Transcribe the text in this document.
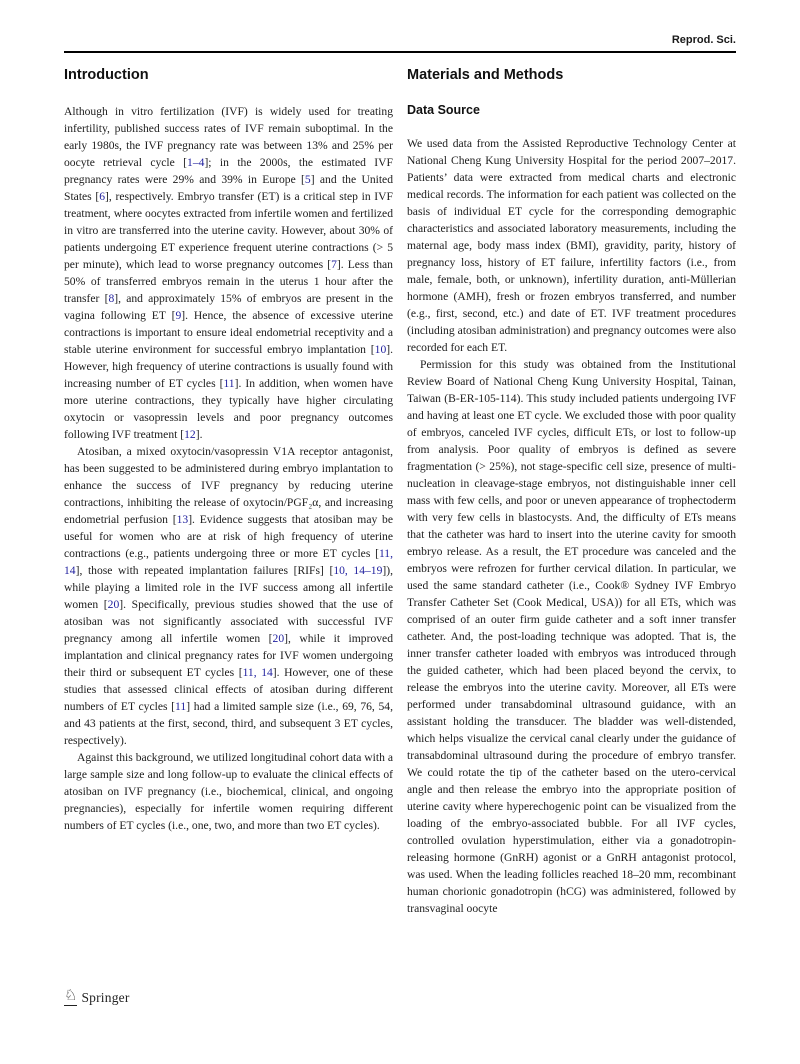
Reprod. Sci.
Introduction

Although in vitro fertilization (IVF) is widely used for treating infertility, published success rates of IVF remain suboptimal. In the early 1980s, the IVF pregnancy rate was between 13% and 25% per oocyte retrieval cycle [1–4]; in the 2000s, the estimated IVF pregnancy rates were 29% and 39% in Europe [5] and the United States [6], respectively. Embryo transfer (ET) is a critical step in IVF treatment, where oocytes extracted from infertile women and fertilized in vitro are transferred into the uterine cavity. However, about 30% of patients undergoing ET experience frequent uterine contractions (> 5 per minute), which lead to worse pregnancy outcomes [7]. Less than 50% of transferred embryos remain in the uterus 1 hour after the transfer [8], and approximately 15% of embryos are present in the vagina following ET [9]. Hence, the absence of excessive uterine contractions is important to ensure ideal endometrial receptivity and a stable uterine environment for successful embryo implantation [10]. However, high frequency of uterine contractions is usually found with increasing number of ET cycles [11]. In addition, when women have more uterine contractions, they typically have higher circulating oxytocin or vasopressin levels and poor pregnancy outcomes following IVF treatment [12].

Atosiban, a mixed oxytocin/vasopressin V1A receptor antagonist, has been suggested to be administered during embryo implantation to enhance the success of IVF pregnancy by reducing uterine contractions, inhibiting the release of oxytocin/PGF₂α, and increasing endometrial perfusion [13]. Evidence suggests that atosiban may be useful for women who are at risk of high frequency of uterine contractions (e.g., patients undergoing three or more ET cycles [11, 14], those with repeated implantation failures [RIFs] [10, 14–19]), while playing a limited role in the IVF success among all infertile women [20]. Specifically, previous studies showed that the use of atosiban was not significantly associated with successful IVF pregnancy among all infertile women [20], while it improved implantation and clinical pregnancy rates for IVF women undergoing their third or subsequent ET cycles [11, 14]. However, one of these studies that assessed clinical effects of atosiban during different numbers of ET cycles [11] had a limited sample size (i.e., 69, 76, 54, and 43 patients at the first, second, third, and subsequent 3 ET cycles, respectively).

Against this background, we utilized longitudinal cohort data with a large sample size and long follow-up to evaluate the clinical effects of atosiban on IVF pregnancy (i.e., biochemical, clinical, and ongoing pregnancies), especially for infertile women requiring different numbers of ET cycles (i.e., one, two, and more than two ET cycles).

Materials and Methods
Data Source

We used data from the Assisted Reproductive Technology Center at National Cheng Kung University Hospital for the period 2007–2017. Patients’ data were extracted from medical charts and electronic medical records. The information for each patient was collected on the basis of individual ET cycle for the corresponding demographic characteristics and associated laboratory measurements, including the maternal age, body mass index (BMI), gravidity, parity, history of pregnancy loss, history of ET failure, infertility factors (i.e., from male, female, both, or unknown), infertility duration, anti-Müllerian hormone (AMH), fresh or frozen embryos transferred, and number (e.g., first, second, etc.) and date of ET. IVF treatment procedures (including atosiban administration) and pregnancy outcomes were also recorded for each ET.

Permission for this study was obtained from the Institutional Review Board of National Cheng Kung University Hospital, Tainan, Taiwan (B-ER-105-114). This study included patients undergoing IVF and having at least one ET cycle. We excluded those with poor quality of embryos, canceled IVF cycles, difficult ETs, or lost to follow-up from analysis. Poor quality of embryos is defined as severe fragmentation (> 25%), not stage-specific cell size, presence of multi-nucleation in cleavage-stage embryos, not distinguishable inner cell mass with few cells, and poor or uneven appearance of trophectoderm with very few cells in blastocysts. And, the difficulty of ETs means that the catheter was hard to insert into the uterine cavity for smooth embryo release. As a result, the ET procedure was canceled and the embryos were refrozen for further cervical dilation. In particular, we used the same standard catheter (i.e., Cook® Sydney IVF Embryo Transfer Catheter Set (Cook Medical, USA)) for all ETs, which was comprised of an outer firm guide catheter and a soft inner transfer catheter. And, the post-loading technique was adopted. That is, the inner transfer catheter loaded with embryos was introduced through the guided catheter, which had been placed beyond the cervix, to release the embryos into the uterine cavity. Moreover, all ETs were performed under transabdominal ultrasound guidance, with an assistant holding the transducer. The bladder was well-distended, which helps visualize the cervical canal clearly under the guidance of transabdominal ultrasound during the procedure of embryo transfer. We could rotate the tip of the catheter based on the utero-cervical angle and then release the embryo into the appropriate position of uterine cavity where hyperechogenic point can be visualized from the loading of the embryo-associated bubble. For all IVF cycles, controlled ovulation hyperstimulation, either via a gonadotropin-releasing hormone (GnRH) agonist or a GnRH antagonist protocol, was used. When the leading follicles reached 18–20 mm, recombinant human chorionic gonadotropin (hCG) was administered, followed by transvaginal oocyte

♘ Springer
